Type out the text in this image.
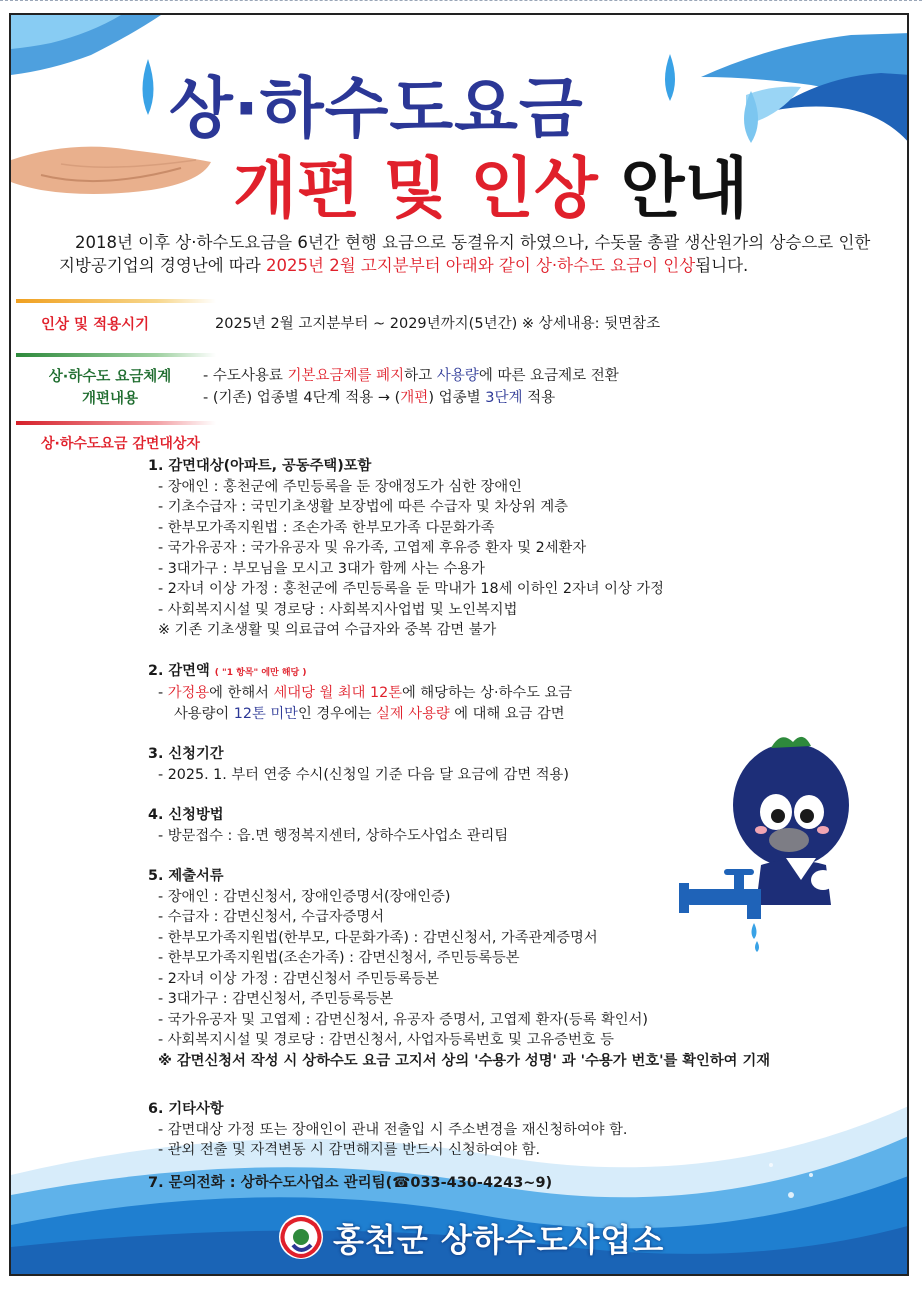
상·하수도요금
개편 및 인상 안내
2018년 이후 상·하수도요금을 6년간 현행 요금으로 동결유지 하였으나, 수돗물 총괄 생산원가의 상승으로 인한 지방공기업의 경영난에 따라 2025년 2월 고지분부터 아래와 같이 상·하수도 요금이 인상됩니다.
인상 및 적용시기	2025년 2월 고지분부터 ~ 2029년까지(5년간) ※ 상세내용: 뒷면참조
상·하수도 요금체계
개편내용
- 수도사용료 기본요금제를 폐지하고 사용량에 따른 요금제로 전환
- (기존) 업종별 4단계 적용 → (개편) 업종별 3단계 적용
상·하수도요금 감면대상자
1. 감면대상(아파트, 공동주택)포함
- 장애인 : 홍천군에 주민등록을 둔 장애정도가 심한 장애인
- 기초수급자 : 국민기초생활 보장법에 따른 수급자 및 차상위 계층
- 한부모가족지원법 : 조손가족 한부모가족 다문화가족
- 국가유공자 : 국가유공자 및 유가족, 고엽제 후유증 환자 및 2세환자
- 3대가구 : 부모님을 모시고 3대가 함께 사는 수용가
- 2자녀 이상 가정 : 홍천군에 주민등록을 둔 막내가 18세 이하인 2자녀 이상 가정
- 사회복지시설 및 경로당 : 사회복지사업법 및 노인복지법
※ 기존 기초생활 및 의료급여 수급자와 중복 감면 불가
2. 감면액 ( "1 항목" 에만 해당 )
- 가정용에 한해서 세대당 월 최대 12톤에 해당하는 상·하수도 요금
사용량이 12톤 미만인 경우에는 실제 사용량 에 대해 요금 감면
3. 신청기간
- 2025. 1. 부터 연중 수시(신청일 기준 다음 달 요금에 감면 적용)
4. 신청방법
- 방문접수 : 읍.면 행정복지센터, 상하수도사업소 관리팀
5. 제출서류
- 장애인 : 감면신청서, 장애인증명서(장애인증)
- 수급자 : 감면신청서, 수급자증명서
- 한부모가족지원법(한부모, 다문화가족) : 감면신청서, 가족관계증명서
- 한부모가족지원법(조손가족) : 감면신청서, 주민등록등본
- 2자녀 이상 가정 : 감면신청서 주민등록등본
- 3대가구 : 감면신청서, 주민등록등본
- 국가유공자 및 고엽제 : 감면신청서, 유공자 증명서, 고엽제 환자(등록 확인서)
- 사회복지시설 및 경로당 : 감면신청서, 사업자등록번호 및 고유증번호 등
※ 감면신청서 작성 시 상하수도 요금 고지서 상의 '수용가 성명' 과 '수용가 번호'를 확인하여 기재
6. 기타사항
- 감면대상 가정 또는 장애인이 관내 전출입 시 주소변경을 재신청하여야 함.
- 관외 전출 및 자격변동 시 감면해지를 반드시 신청하여야 함.
7. 문의전화 : 상하수도사업소 관리팀(☎033-430-4243~9)
홍천군 상하수도사업소
